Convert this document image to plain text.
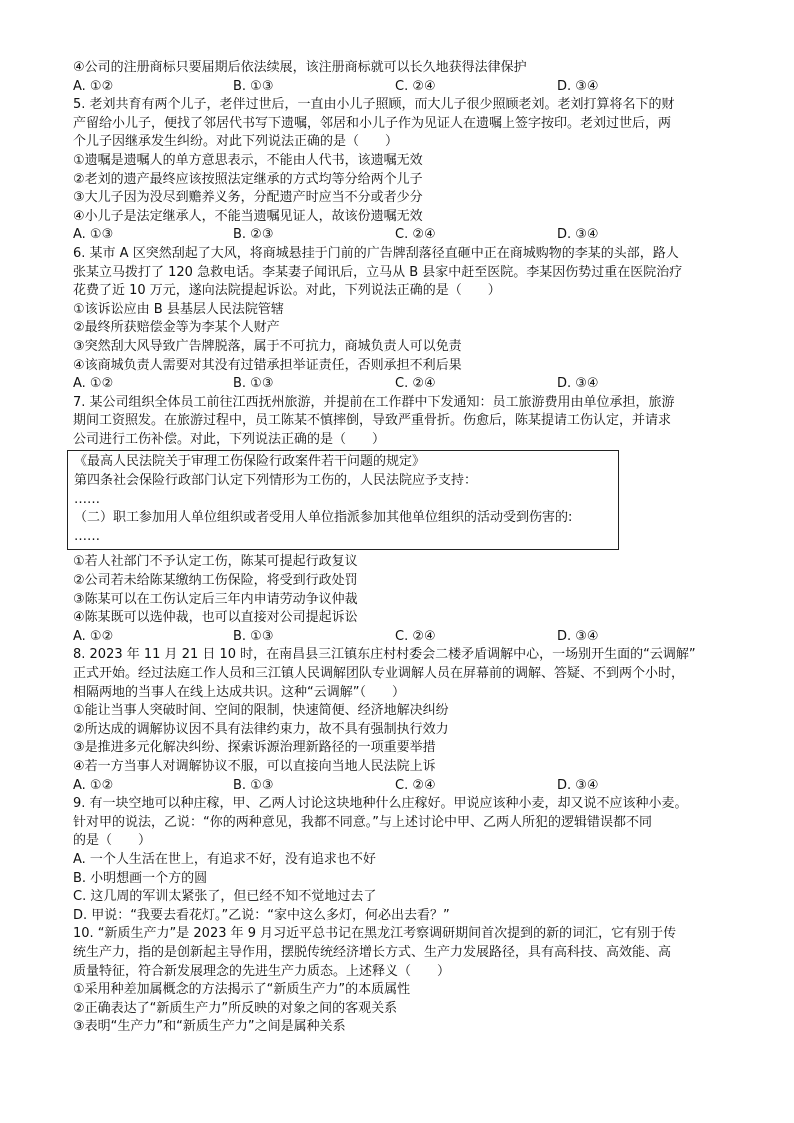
④公司的注册商标只要届期后依法续展，该注册商标就可以长久地获得法律保护
A. ①②	B. ①③	C. ②④	D. ③④
5. 老刘共育有两个儿子，老伴过世后，一直由小儿子照顾，而大儿子很少照顾老刘。老刘打算将名下的财
产留给小儿子，便找了邻居代书写下遗嘱，邻居和小儿子作为见证人在遗嘱上签字按印。老刘过世后，两
个儿子因继承发生纠纷。对此下列说法正确的是（　　）
①遗嘱是遗嘱人的单方意思表示，不能由人代书，该遗嘱无效
②老刘的遗产最终应该按照法定继承的方式均等分给两个儿子
③大儿子因为没尽到赡养义务，分配遗产时应当不分或者少分
④小儿子是法定继承人，不能当遗嘱见证人，故该份遗嘱无效
A. ①③	B. ②③	C. ②④	D. ③④
6. 某市 A 区突然刮起了大风，将商城悬挂于门前的广告牌刮落径直砸中正在商城购物的李某的头部，路人
张某立马拨打了 120 急救电话。李某妻子闻讯后，立马从 B 县家中赶至医院。李某因伤势过重在医院治疗
花费了近 10 万元，遂向法院提起诉讼。对此，下列说法正确的是（　　）
①该诉讼应由 B 县基层人民法院管辖
②最终所获赔偿金等为李某个人财产
③突然刮大风导致广告牌脱落，属于不可抗力，商城负责人可以免责
④该商城负责人需要对其没有过错承担举证责任，否则承担不利后果
A. ①②	B. ①③	C. ②④	D. ③④
7. 某公司组织全体员工前往江西抚州旅游，并提前在工作群中下发通知：员工旅游费用由单位承担，旅游
期间工资照发。在旅游过程中，员工陈某不慎摔倒，导致严重骨折。伤愈后，陈某提请工伤认定，并请求
公司进行工伤补偿。对此，下列说法正确的是（　　）
《最高人民法院关于审理工伤保险行政案件若干问题的规定》
第四条社会保险行政部门认定下列情形为工伤的，人民法院应予支持：
……
（二）职工参加用人单位组织或者受用人单位指派参加其他单位组织的活动受到伤害的:
……
①若人社部门不予认定工伤，陈某可提起行政复议
②公司若未给陈某缴纳工伤保险，将受到行政处罚
③陈某可以在工伤认定后三年内申请劳动争议仲裁
④陈某既可以选仲裁，也可以直接对公司提起诉讼
A. ①②	B. ①③	C. ②④	D. ③④
8. 2023 年 11 月 21 日 10 时，在南昌县三江镇东庄村村委会二楼矛盾调解中心，一场别开生面的“云调解”
正式开始。经过法庭工作人员和三江镇人民调解团队专业调解人员在屏幕前的调解、答疑、不到两个小时，
相隔两地的当事人在线上达成共识。这种“云调解”（　　）
①能让当事人突破时间、空间的限制，快速简便、经济地解决纠纷
②所达成的调解协议因不具有法律约束力，故不具有强制执行效力
③是推进多元化解决纠纷、探索诉源治理新路径的一项重要举措
④若一方当事人对调解协议不服，可以直接向当地人民法院上诉
A. ①②	B. ①③	C. ②④	D. ③④
9. 有一块空地可以种庄稼，甲、乙两人讨论这块地种什么庄稼好。甲说应该种小麦，却又说不应该种小麦。
针对甲的说法，乙说：“你的两种意见，我都不同意。”与上述讨论中甲、乙两人所犯的逻辑错误都不同
的是（　　）
A. 一个人生活在世上，有追求不好，没有追求也不好
B. 小明想画一个方的圆
C. 这几周的军训太紧张了，但已经不知不觉地过去了
D. 甲说：“我要去看花灯。”乙说：“家中这么多灯，何必出去看？”
10. “新质生产力”是 2023 年 9 月习近平总书记在黑龙江考察调研期间首次提到的新的词汇，它有别于传
统生产力，指的是创新起主导作用，摆脱传统经济增长方式、生产力发展路径，具有高科技、高效能、高
质量特征，符合新发展理念的先进生产力质态。上述释义（　　）
①采用种差加属概念的方法揭示了“新质生产力”的本质属性
②正确表达了“新质生产力”所反映的对象之间的客观关系
③表明“生产力”和“新质生产力”之间是属种关系
